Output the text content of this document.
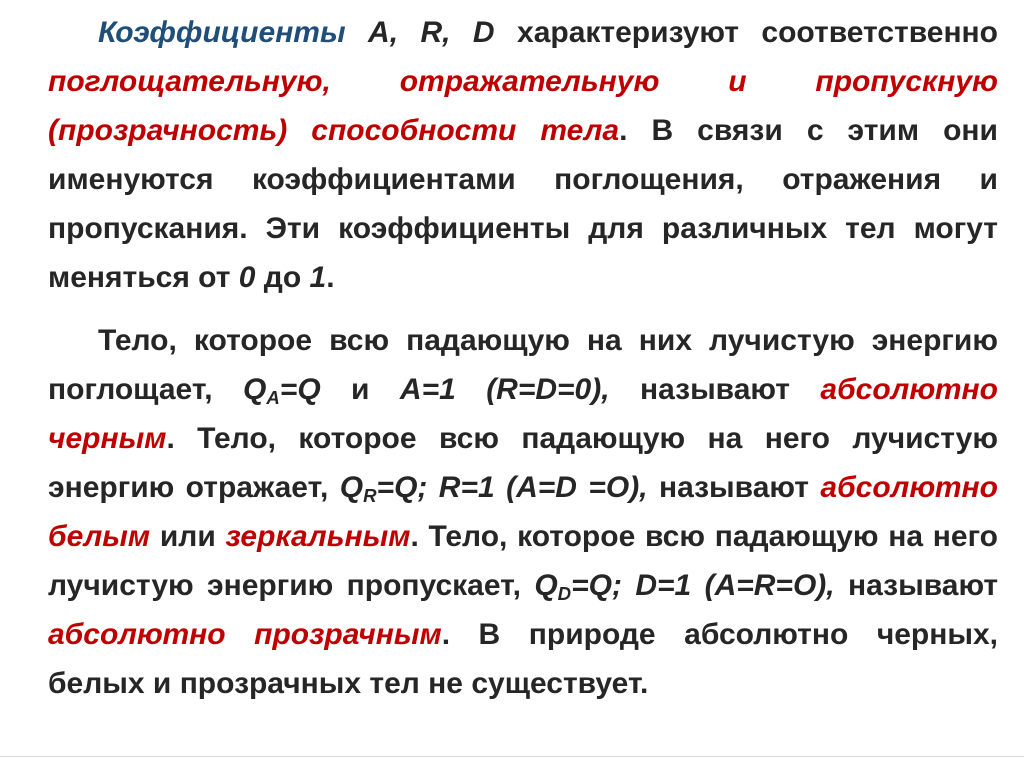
Коэффициенты A, R, D характеризуют соответственно поглощательную, отражательную и пропускную (прозрачность) способности тела. В связи с этим они именуются коэффициентами поглощения, отражения и пропускания. Эти коэффициенты для различных тел могут меняться от 0 до 1.

Тело, которое всю падающую на них лучистую энергию поглощает, $Q_A=Q$ и A=1 (R=D=0), называют абсолютно черным. Тело, которое всю падающую на него лучистую энергию отражает, $Q_R=Q$; R=1 (A=D =O), называют абсолютно белым или зеркальным. Тело, которое всю падающую на него лучистую энергию пропускает, $Q_D=Q$; D=1 (A=R=O), называют абсолютно прозрачным. В природе абсолютно черных, белых и прозрачных тел не существует.
